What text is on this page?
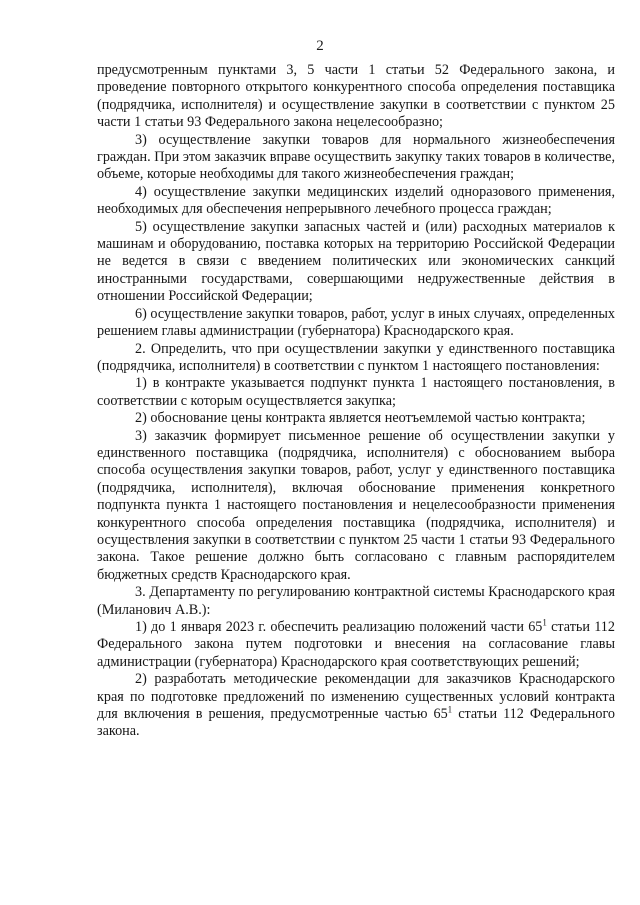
2

предусмотренным пунктами 3, 5 части 1 статьи 52 Федерального закона, и проведение повторного открытого конкурентного способа определения поставщика (подрядчика, исполнителя) и осуществление закупки в соответствии с пунктом 25 части 1 статьи 93 Федерального закона нецелесообразно;

3) осуществление закупки товаров для нормального жизнеобеспечения граждан. При этом заказчик вправе осуществить закупку таких товаров в количестве, объеме, которые необходимы для такого жизнеобеспечения граждан;

4) осуществление закупки медицинских изделий одноразового применения, необходимых для обеспечения непрерывного лечебного процесса граждан;

5) осуществление закупки запасных частей и (или) расходных материалов к машинам и оборудованию, поставка которых на территорию Российской Федерации не ведется в связи с введением политических или экономических санкций иностранными государствами, совершающими недружественные действия в отношении Российской Федерации;

6) осуществление закупки товаров, работ, услуг в иных случаях, определенных решением главы администрации (губернатора) Краснодарского края.

2. Определить, что при осуществлении закупки у единственного поставщика (подрядчика, исполнителя) в соответствии с пунктом 1 настоящего постановления:

1) в контракте указывается подпункт пункта 1 настоящего постановления, в соответствии с которым осуществляется закупка;

2) обоснование цены контракта является неотъемлемой частью контракта;

3) заказчик формирует письменное решение об осуществлении закупки у единственного поставщика (подрядчика, исполнителя) с обоснованием выбора способа осуществления закупки товаров, работ, услуг у единственного поставщика (подрядчика, исполнителя), включая обоснование применения конкретного подпункта пункта 1 настоящего постановления и нецелесообразности применения конкурентного способа определения поставщика (подрядчика, исполнителя) и осуществления закупки в соответствии с пунктом 25 части 1 статьи 93 Федерального закона. Такое решение должно быть согласовано с главным распорядителем бюджетных средств Краснодарского края.

3. Департаменту по регулированию контрактной системы Краснодарского края (Миланович А.В.):

1) до 1 января 2023 г. обеспечить реализацию положений части $65^1$ статьи 112 Федерального закона путем подготовки и внесения на согласование главы администрации (губернатора) Краснодарского края соответствующих решений;

2) разработать методические рекомендации для заказчиков Краснодарского края по подготовке предложений по изменению существенных условий контракта для включения в решения, предусмотренные частью $65^1$ статьи 112 Федерального закона.
